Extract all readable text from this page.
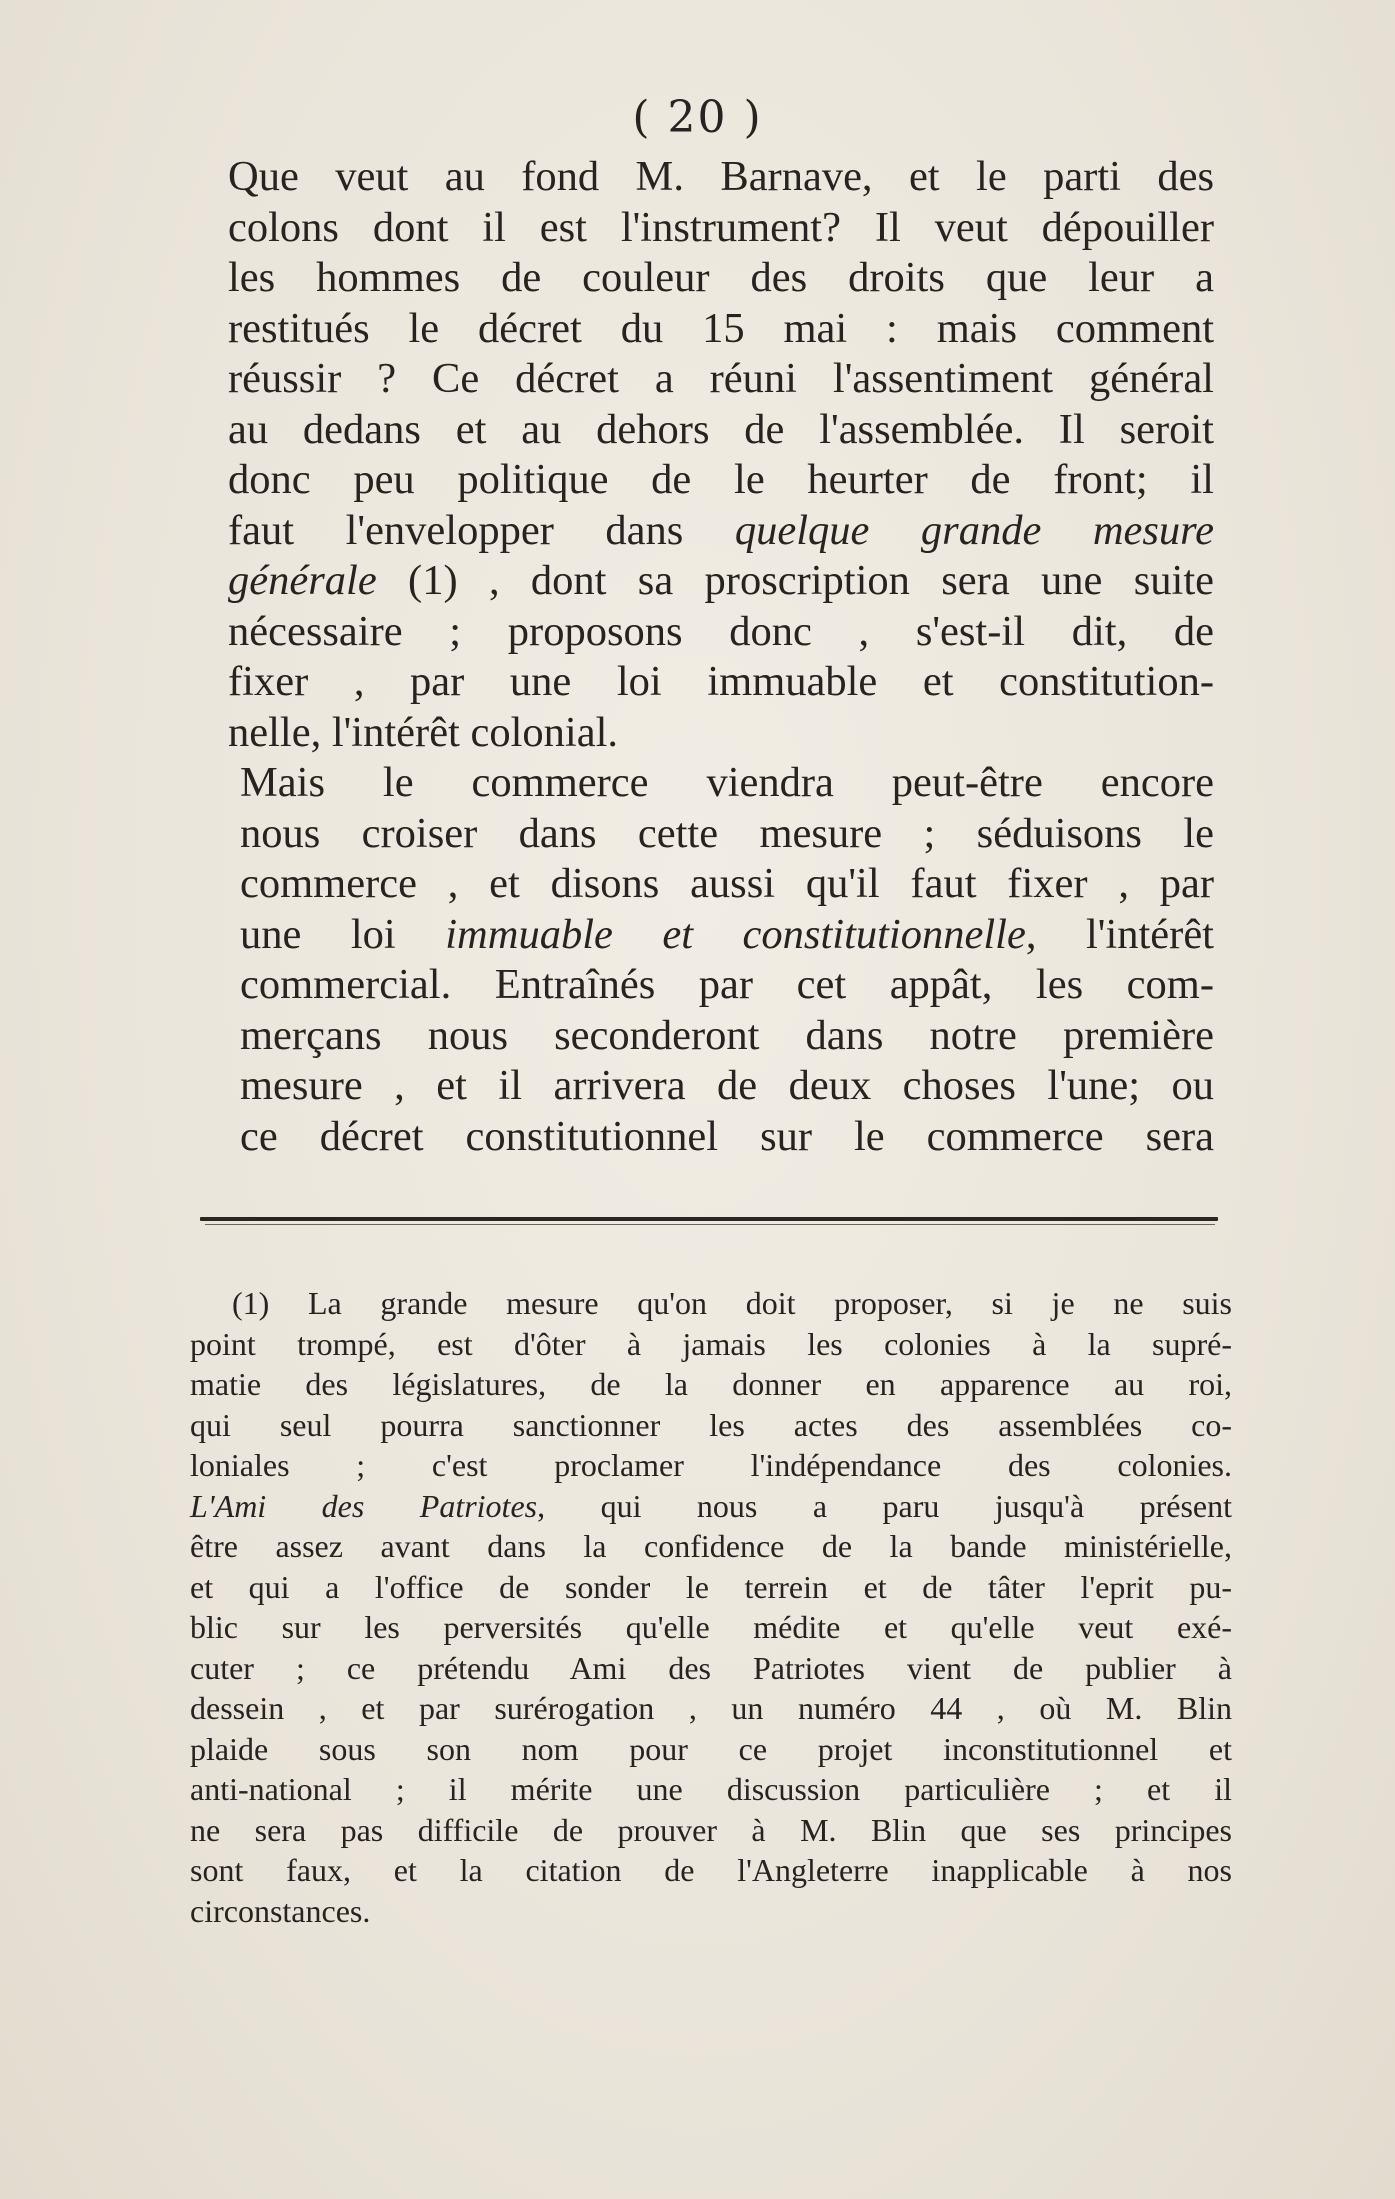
( 20 )

Que veut au fond M. Barnave, et le parti des
colons dont il est l'instrument? Il veut dépouiller
les hommes de couleur des droits que leur a
restitués le décret du 15 mai : mais comment
réussir ? Ce décret a réuni l'assentiment général
au dedans et au dehors de l'assemblée. Il seroit
donc peu politique de le heurter de front; il
faut l'envelopper dans quelque grande mesure
générale (1) , dont sa proscription sera une suite
nécessaire ; proposons donc , s'est-il dit, de
fixer , par une loi immuable et constitution-
nelle, l'intérêt colonial.

Mais le commerce viendra peut-être encore
nous croiser dans cette mesure ; séduisons le
commerce , et disons aussi qu'il faut fixer , par
une loi immuable et constitutionnelle, l'intérêt
commercial. Entraînés par cet appât, les com-
merçans nous seconderont dans notre première
mesure , et il arrivera de deux choses l'une; ou
ce décret constitutionnel sur le commerce sera

(1) La grande mesure qu'on doit proposer, si je ne suis
point trompé, est d'ôter à jamais les colonies à la supré-
matie des législatures, de la donner en apparence au roi,
qui seul pourra sanctionner les actes des assemblées co-
loniales ; c'est proclamer l'indépendance des colonies.
L'Ami des Patriotes, qui nous a paru jusqu'à présent
être assez avant dans la confidence de la bande ministérielle,
et qui a l'office de sonder le terrein et de tâter l'eprit pu-
blic sur les perversités qu'elle médite et qu'elle veut exé-
cuter ; ce prétendu Ami des Patriotes vient de publier à
dessein , et par surérogation , un numéro 44 , où M. Blin
plaide sous son nom pour ce projet inconstitutionnel et
anti-national ; il mérite une discussion particulière ; et il
ne sera pas difficile de prouver à M. Blin que ses principes
sont faux, et la citation de l'Angleterre inapplicable à nos
circonstances.
